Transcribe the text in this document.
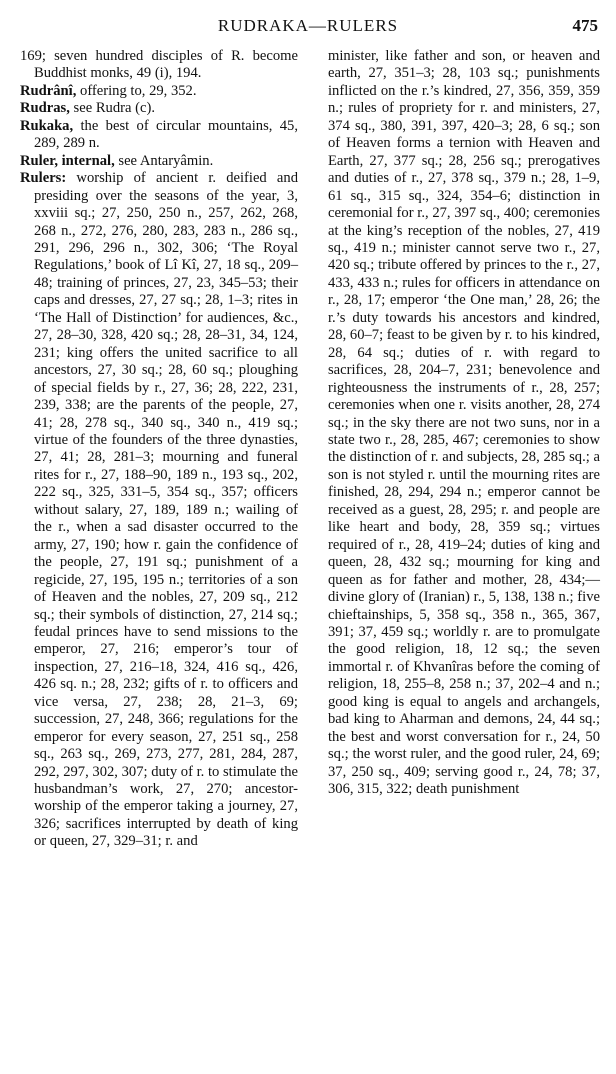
RUDRAKA—RULERS	475
169; seven hundred disciples of R. become Buddhist monks, 49 (i), 194.
Rudrânî, offering to, 29, 352.
Rudras, see Rudra (c).
Rukaka, the best of circular mountains, 45, 289, 289 n.
Ruler, internal, see Antaryâmin.
Rulers: worship of ancient r. deified and presiding over the seasons of the year, 3, xxviii sq.; 27, 250, 250 n., 257, 262, 268, 268 n., 272, 276, 280, 283, 283 n., 286 sq., 291, 296, 296 n., 302, 306; ‘The Royal Regulations,’ book of Lî Kî, 27, 18 sq., 209–48; training of princes, 27, 23, 345–53; their caps and dresses, 27, 27 sq.; 28, 1–3; rites in ‘The Hall of Distinction’ for audiences, &c., 27, 28–30, 328, 420 sq.; 28, 28–31, 34, 124, 231; king offers the united sacrifice to all ancestors, 27, 30 sq.; 28, 60 sq.; ploughing of special fields by r., 27, 36; 28, 222, 231, 239, 338; are the parents of the people, 27, 41; 28, 278 sq., 340 sq., 340 n., 419 sq.; virtue of the founders of the three dynasties, 27, 41; 28, 281–3; mourning and funeral rites for r., 27, 188–90, 189 n., 193 sq., 202, 222 sq., 325, 331–5, 354 sq., 357; officers without salary, 27, 189, 189 n.; wailing of the r., when a sad disaster occurred to the army, 27, 190; how r. gain the confidence of the people, 27, 191 sq.; punishment of a regicide, 27, 195, 195 n.; territories of a son of Heaven and the nobles, 27, 209 sq., 212 sq.; their symbols of distinction, 27, 214 sq.; feudal princes have to send missions to the emperor, 27, 216; emperor’s tour of inspection, 27, 216–18, 324, 416 sq., 426, 426 sq. n.; 28, 232; gifts of r. to officers and vice versa, 27, 238; 28, 21–3, 69; succession, 27, 248, 366; regulations for the emperor for every season, 27, 251 sq., 258 sq., 263 sq., 269, 273, 277, 281, 284, 287, 292, 297, 302, 307; duty of r. to stimulate the husbandman’s work, 27, 270; ancestor-worship of the emperor taking a journey, 27, 326; sacrifices interrupted by death of king or queen, 27, 329–31; r. and
minister, like father and son, or heaven and earth, 27, 351–3; 28, 103 sq.; punishments inflicted on the r.’s kindred, 27, 356, 359, 359 n.; rules of propriety for r. and ministers, 27, 374 sq., 380, 391, 397, 420–3; 28, 6 sq.; son of Heaven forms a ternion with Heaven and Earth, 27, 377 sq.; 28, 256 sq.; prerogatives and duties of r., 27, 378 sq., 379 n.; 28, 1–9, 61 sq., 315 sq., 324, 354–6; distinction in ceremonial for r., 27, 397 sq., 400; ceremonies at the king’s reception of the nobles, 27, 419 sq., 419 n.; minister cannot serve two r., 27, 420 sq.; tribute offered by princes to the r., 27, 433, 433 n.; rules for officers in attendance on r., 28, 17; emperor ‘the One man,’ 28, 26; the r.’s duty towards his ancestors and kindred, 28, 60–7; feast to be given by r. to his kindred, 28, 64 sq.; duties of r. with regard to sacrifices, 28, 204–7, 231; benevolence and righteousness the instruments of r., 28, 257; ceremonies when one r. visits another, 28, 274 sq.; in the sky there are not two suns, nor in a state two r., 28, 285, 467; ceremonies to show the distinction of r. and subjects, 28, 285 sq.; a son is not styled r. until the mourning rites are finished, 28, 294, 294 n.; emperor cannot be received as a guest, 28, 295; r. and people are like heart and body, 28, 359 sq.; virtues required of r., 28, 419–24; duties of king and queen, 28, 432 sq.; mourning for king and queen as for father and mother, 28, 434;—divine glory of (Iranian) r., 5, 138, 138 n.; five chieftainships, 5, 358 sq., 358 n., 365, 367, 391; 37, 459 sq.; worldly r. are to promulgate the good religion, 18, 12 sq.; the seven immortal r. of Khvanîras before the coming of religion, 18, 255–8, 258 n.; 37, 202–4 and n.; good king is equal to angels and archangels, bad king to Aharman and demons, 24, 44 sq.; the best and worst conversation for r., 24, 50 sq.; the worst ruler, and the good ruler, 24, 69; 37, 250 sq., 409; serving good r., 24, 78; 37, 306, 315, 322; death punishment
